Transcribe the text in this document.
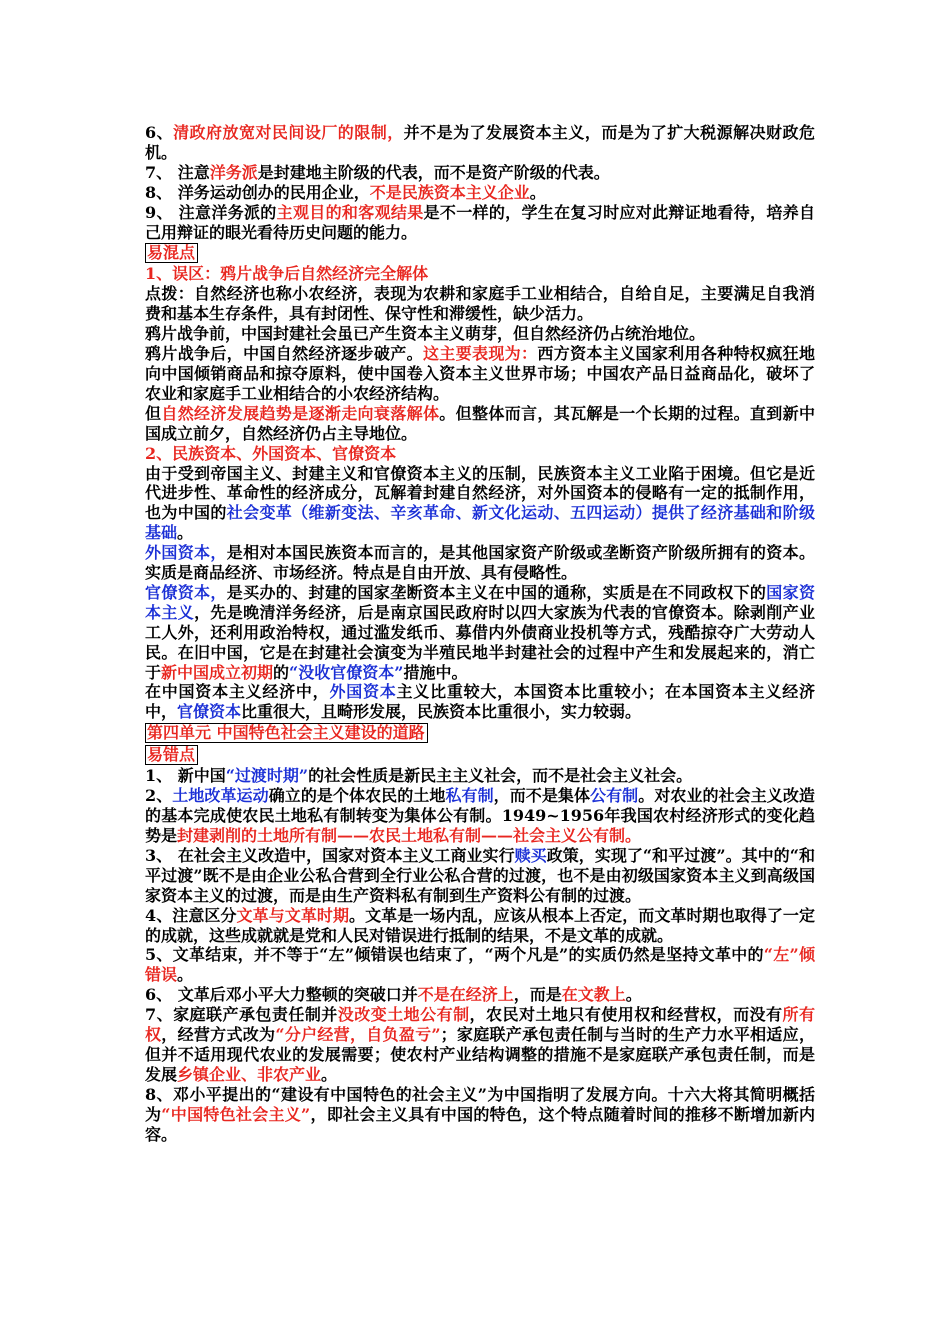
6、清政府放宽对民间设厂的限制，并不是为了发展资本主义，而是为了扩大税源解决财政危机。

7、 注意洋务派是封建地主阶级的代表，而不是资产阶级的代表。

8、 洋务运动创办的民用企业，不是民族资本主义企业。

9、 注意洋务派的主观目的和客观结果是不一样的，学生在复习时应对此辩证地看待，培养自己用辩证的眼光看待历史问题的能力。

易混点

1、误区：鸦片战争后自然经济完全解体

点拨：自然经济也称小农经济，表现为农耕和家庭手工业相结合，自给自足，主要满足自我消费和基本生存条件，具有封闭性、保守性和滞缓性，缺少活力。

鸦片战争前，中国封建社会虽已产生资本主义萌芽，但自然经济仍占统治地位。

鸦片战争后，中国自然经济逐步破产。这主要表现为：西方资本主义国家利用各种特权疯狂地向中国倾销商品和掠夺原料，使中国卷入资本主义世界市场；中国农产品日益商品化，破坏了农业和家庭手工业相结合的小农经济结构。

但自然经济发展趋势是逐渐走向衰落解体。但整体而言，其瓦解是一个长期的过程。直到新中国成立前夕，自然经济仍占主导地位。

2、民族资本、外国资本、官僚资本

由于受到帝国主义、封建主义和官僚资本主义的压制，民族资本主义工业陷于困境。但它是近代进步性、革命性的经济成分，瓦解着封建自然经济，对外国资本的侵略有一定的抵制作用，也为中国的社会变革（维新变法、辛亥革命、新文化运动、五四运动）提供了经济基础和阶级基础。

外国资本，是相对本国民族资本而言的，是其他国家资产阶级或垄断资产阶级所拥有的资本。实质是商品经济、市场经济。特点是自由开放、具有侵略性。

官僚资本，是买办的、封建的国家垄断资本主义在中国的通称，实质是在不同政权下的国家资本主义，先是晚清洋务经济，后是南京国民政府时以四大家族为代表的官僚资本。除剥削产业工人外，还利用政治特权，通过滥发纸币、募借内外债商业投机等方式，残酷掠夺广大劳动人民。在旧中国，它是在封建社会演变为半殖民地半封建社会的过程中产生和发展起来的，消亡于新中国成立初期的“没收官僚资本”措施中。

在中国资本主义经济中，外国资本主义比重较大，本国资本比重较小；在本国资本主义经济中，官僚资本比重很大，且畸形发展，民族资本比重很小，实力较弱。

第四单元 中国特色社会主义建设的道路
易错点

1、 新中国“过渡时期”的社会性质是新民主主义社会，而不是社会主义社会。

2、土地改革运动确立的是个体农民的土地私有制，而不是集体公有制。对农业的社会主义改造的基本完成使农民土地私有制转变为集体公有制。1949~1956年我国农村经济形式的变化趋势是封建剥削的土地所有制——农民土地私有制——社会主义公有制。

3、 在社会主义改造中，国家对资本主义工商业实行赎买政策，实现了“和平过渡”。其中的“和平过渡”既不是由企业公私合营到全行业公私合营的过渡，也不是由初级国家资本主义到高级国家资本主义的过渡，而是由生产资料私有制到生产资料公有制的过渡。

4、注意区分文革与文革时期。文革是一场内乱，应该从根本上否定，而文革时期也取得了一定的成就，这些成就就是党和人民对错误进行抵制的结果，不是文革的成就。

5、文革结束，并不等于“左”倾错误也结束了，“两个凡是”的实质仍然是坚持文革中的“左”倾错误。

6、 文革后邓小平大力整顿的突破口并不是在经济上，而是在文教上。

7、家庭联产承包责任制并没改变土地公有制，农民对土地只有使用权和经营权，而没有所有权，经营方式改为“分户经营，自负盈亏”；家庭联产承包责任制与当时的生产力水平相适应，但并不适用现代农业的发展需要；使农村产业结构调整的措施不是家庭联产承包责任制，而是发展乡镇企业、非农产业。

8、邓小平提出的“建设有中国特色的社会主义”为中国指明了发展方向。十六大将其简明概括为“中国特色社会主义”，即社会主义具有中国的特色，这个特点随着时间的推移不断增加新内容。
